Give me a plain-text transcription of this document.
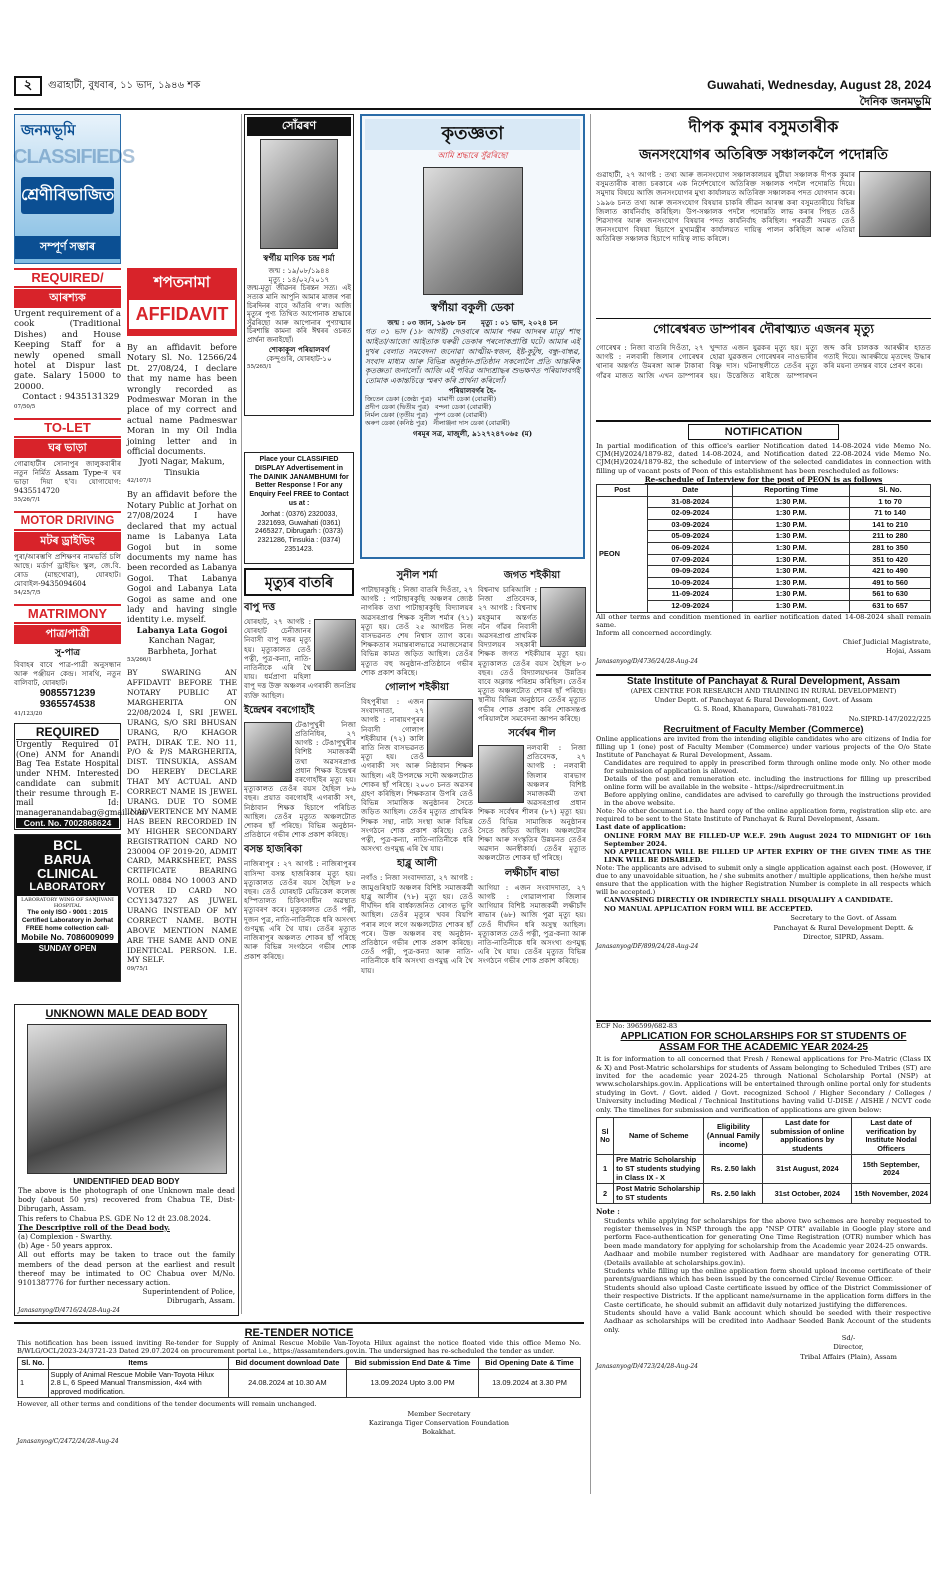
২	গুৱাহাটী, বুধবাৰ, ১১ ভাদ, ১৯৪৬ শক	Guwahati, Wednesday, August 28, 2024
দৈনিক জনমভূমি
জনমভূমি
CLASSIFIEDS
শ্ৰেণীবিভাজিত
সম্পূৰ্ণ সম্ভাৰ
REQUIRED/
আৰশ্যক
Urgent requirement of a cook (Traditional Dishes) and House Keeping Staff for a newly opened small hotel at Dispur last gate. Salary 15000 to 20000.
Contact : 9435131329
07/50/5
TO-LET
ঘৰ ভাড়া
গোৱাহাটীৰ সোনাপুৰ জালুকবাৰীৰ নতুন নিৰ্মিত Assam Type-ৰ ঘৰ ভাড়া দিয়া হ'ব। যোগাযোগ: 9435514720
55/26/7/1
MOTOR DRIVING
মটৰ ড্ৰাইভিং
পুৰা/আৰম্ভণি প্ৰশিক্ষণৰ নামভৰ্তি চলি আছে। মৰ্ডাৰ্ণ ড্ৰাইভিং স্কুল, জে.বি. ৰোড (মাছখোৱা), যোৰহাট। মোবাইল-9435094604
54/25/7/5
MATRIMONY
পাত্ৰ/পাত্ৰী
সু-পাত্ৰ
বিবাহৰ বাবে পাত্ৰ-পাত্ৰী অনুসন্ধান আৰু পঞ্জীয়ন কেন্দ্ৰ। সাৰথি, নতুন বালিবাট, যোৰহাট।
9085571239
9365574538
41/123/20
REQUIRED
Urgently Required 01 (One) ANM for Anandi Bag Tea Estate Hospital under NHM. Interested candidate can submit their resume through E-mail Id: manageranandabag@gmail.com
Cont. No. 7002868624
BCL
BARUA
CLINICAL
LABORATORY
LABORATORY WING OF SANJIVANI HOSPITAL
The only ISO - 9001 : 2015 Certified Laboratory in Jorhat
FREE home collection call-
Mobile No. 7086009099
SUNDAY OPEN
শপতনামা
AFFIDAVIT
By an affidavit before Notary Sl. No. 12566/24 Dt. 27/08/24, I declare that my name has been wrongly recorded as Podmeswar Moran in the place of my correct and actual name Padmeswar Moran in my Oil India joining letter and in official documents.
Jyoti Nagar, Makum, Tinsukia
42/107/1
By an affidavit before the Notary Public at Jorhat on 27/08/2024 I have declared that my actual name is Labanya Lata Gogoi but in some documents my name has been recorded as Labanya Gogoi. That Labanya Gogoi and Labanya Lata Gogoi as same and one lady and having single identity i.e. myself.
Labanya Lata Gogoi
Kanchan Nagar, Barbheta, Jorhat
53/266/1
BY SWARING AN AFFIDAVIT BEFORE THE NOTARY PUBLIC AT MARGHERITA ON 22/08/2024 I, SRI JEWEL URANG, S/O SRI BHUSAN URANG, R/O KHAGOR PATH, DIRAK T.E. NO 11, P/O & P/S MARGHERITA, DIST. TINSUKIA, ASSAM DO HEREBY DECLARE THAT MY ACTUAL AND CORRECT NAME IS JEWEL URANG. DUE TO SOME INADVERTENCE MY NAME HAS BEEN RECORDED IN MY HIGHER SECONDARY REGISTRATION CARD NO 230004 OF 2019-20, ADMIT CARD, MARKSHEET, PASS CRTIFICATE BEARING ROLL 0884 NO 10003 AND VOTER ID CARD NO CCY1347327 AS JUWEL URANG INSTEAD OF MY CORRECT NAME. BOTH ABOVE MENTION NAME ARE THE SAME AND ONE IDENTICAL PERSON. I.E. MY SELF.
09/75/1
UNKNOWN MALE DEAD BODY
UNIDENTIFIED DEAD BODY
The above is the photograph of one Unknown male dead body (about 50 yrs) recovered from Chabua TE, Dist-Dibrugarh, Assam.
This refers to Chabua P.S. GDE No 12 dt 23.08.2024.
The Descriptive roll of the Dead body.
(a) Complexion - Swarthy.
(b) Age - 50 years approx.
All out efforts may be taken to trace out the family members of the dead person at the earliest and result thereof may be intimated to OC Chabua over M/No. 9101387776 for further necessary action.
Superintendent of Police,
Dibrugarh, Assam.
Janasanyog/D/4716/24/28-Aug-24
RE-TENDER NOTICE
This notification has been issued inviting Re-tender for Supply of Animal Rescue Mobile Van-Toyota Hilux against the notice floated vide this office Memo No. B/WLG/OCL/2023-24/3721-23 Dated 29.07.2024 on procurement portal i.e., https://assamtenders.gov.in. The undersigned has re-scheduled the tender as under.
Sl. No.	Items	Bid document download Date	Bid submission End Date & Time	Bid Opening Date & Time
1	Supply of Animal Rescue Mobile Van-Toyota Hilux 2.8 L, 6 Speed Manual Transmission, 4x4 with approved modification.	24.08.2024 at 10.30 AM	13.09.2024 Upto 3.00 PM	13.09.2024 at 3.30 PM
However, all other terms and conditions of the tender documents will remain unchanged.
Member Secretary
Kaziranga Tiger Conservation Foundation
Bokakhat.
Janasanyog/C/2472/24/28-Aug-24
সোঁৱৰণ
স্বৰ্গীয় মাণিক চন্দ্ৰ শৰ্মা
জন্ম : ১৯/০৮/১৯৪৪
মৃত্যু : ১৪/০২/২০১৭
জন্ম-মৃত্যু জীৱনৰ চিৰন্তন সত্য। এই সত্যক মানি আপুনি আমাৰ মাজৰ পৰা চিৰদিনৰ বাবে আঁতৰি গ'ল। আজি মৃত্যুৰ পুণ্য তিথিত আপোনাক শ্ৰদ্ধাৰে সুঁৱৰিছো আৰু আপোনাৰ পুণ্যাত্মাৰ চিৰশান্তি কামনা কৰি ঈশ্বৰৰ ওচৰত প্ৰাৰ্থনা জনাইছোঁ।
শোকাকুল পৰিয়ালবৰ্গ
কেন্দুগুৰি, যোৰহাট-১০
55/265/1
Place your CLASSIFIED DISPLAY Advertisement in The DAINIK JANAMBHUMI for Better Response ! For any Enquiry Feel FREE to Contact us at :
Jorhat : (0376) 2320033, 2321693, Guwahati (0361) 2465327, Dibrugarh : (0373) 2321286, Tinsukia : (0374) 2351423.
কৃতজ্ঞতা
আমি শ্ৰদ্ধাৰে সুঁৱৰিছো
স্বৰ্গীয়া বকুলী ডেকা
জন্ম : ০৩ জান, ১৯৩৮ চন      মৃত্যু : ০১ ভাদ, ২০২৪ চন
গত ০১ ভাদ (১৮ আগষ্ট) দেওবাৰে আমাৰ পৰম আদৰৰ মাতৃ/ শাহু আইতা/আজো আইতাক ঘৰুৱী ডেকাৰ পৰলোকপ্ৰাপ্তি ঘটে। আমাৰ এই দুখৰ বেলাত সমবেদনা জনোৱা আত্মীয়-স্বজন, ইষ্ট-কুটুম্ব, বন্ধু-বান্ধৱ, সংবাদ মাধ্যম আৰু বিভিন্ন অনুষ্ঠান-প্ৰতিষ্ঠান সকলোলৈ প্ৰতি আন্তৰিক কৃতজ্ঞতা জনালোঁ। আজি এই পবিত্ৰ আদ্যশ্ৰাদ্ধৰ শুভক্ষণত পৰিয়ালবৰ্গই তোমাক একান্তচিত্তে স্মৰণ কৰি প্ৰাৰ্থনা কৰিলোঁ।
পৰিয়ালবৰ্গৰ হৈ-
জিতেন ডেকা (জেষ্ঠ্য পুত্ৰ)   মামাণী ডেকা (বোৱাৰী)
প্ৰদীপ ডেকা (দ্বিতীয় পুত্ৰ)   বন্দনা ডেকা (বোৱাৰী)
নিৰ্মল ডেকা (তৃতীয় পুত্ৰ)   পুষ্প ডেকা (বোৱাৰী)
অৰুণ ডেকা (কনিষ্ঠ পুত্ৰ)   নীলাঞ্জনা দাস ডেকা (বোৱাৰী)
গৰমূৰ সত্ৰ, মাজুলী, ৯১২৭২৪৭০৬৫ (ম)
মৃত্যুৰ বাতৰি
বাপু দত্ত
যোৰহাট, ২৭ আগষ্ট : যোৰহাট চেনীজানৰ নিবাসী বাপু দত্তৰ মৃত্যু হয়। মৃত্যুকালত তেওঁ পত্নী, পুত্ৰ-কন্যা, নাতি-নাতিনীকে এৰি থৈ যায়। ধৰ্মপ্ৰাণা মহিলা বাপু দত্ত উক্ত অঞ্চলৰ এগৰাকী জনপ্ৰিয় ব্যক্তি আছিল।
ইন্দ্ৰেশ্বৰ বৰগোহাঁই
টেঙাপুখুৰী নিজা প্ৰতিনিধিৰ, ২৭ আগষ্ট : টেঙাপুখুৰীৰ বিশিষ্ট সমাজকৰ্মী তথা অৱসৰপ্ৰাপ্ত প্ৰধান শিক্ষক ইন্দ্ৰেশ্বৰ বৰগোহাঁইৰ মৃত্যু হয়। মৃত্যুকালত তেওঁৰ বয়স হৈছিল ৮৬ বছৰ। প্ৰয়াত বৰগোহাঁই এগৰাকী সৎ, নিষ্ঠাবান শিক্ষক হিচাপে পৰিচিত আছিল। তেওঁৰ মৃত্যুত অঞ্চলটোত শোকৰ ছাঁ পৰিছে। বিভিন্ন অনুষ্ঠান-প্ৰতিষ্ঠানে গভীৰ শোক প্ৰকাশ কৰিছে।
বসন্ত হাজৰিকা
নাজিৰাপুৰ : ২৭ আগষ্ট : নাজিৰাপুৰৰ বাসিন্দা বসন্ত হাজৰিকাৰ মৃত্যু হয়। মৃত্যুকালত তেওঁৰ বয়স হৈছিল ৮৫ বছৰ। তেওঁ যোৰহাট মেডিকেল কলেজ হস্পিতালত চিকিৎসাধীন অৱস্থাত মৃত্যুবৰণ কৰে। মৃত্যুকালত তেওঁ পত্নী, দুজন পুত্ৰ, নাতি-নাতিনীকে ধৰি অসংখ্য গুণমুগ্ধ এৰি থৈ যায়। তেওঁৰ মৃত্যুত নাজিৰাপুৰ অঞ্চলত শোকৰ ছাঁ পৰিছে আৰু বিভিন্ন সংগঠনে গভীৰ শোক প্ৰকাশ কৰিছে।
সুনীল শৰ্মা
পাটাছাৰকুছি : নিজা বাতৰি দিওঁতা, ২৭ আগষ্ট : পাটাছাৰকুছি অঞ্চলৰ জ্যেষ্ঠ নাগৰিক তথা পাটাছাৰকুছি বিদ্যালয়ৰ অৱসৰপ্ৰাপ্ত শিক্ষক সুনীল শৰ্মাৰ (৭১) মৃত্যু হয়। তেওঁ ২৫ আগষ্টত নিজ বাসভৱনত শেষ নিশ্বাস ত্যাগ কৰে। শিক্ষকতাৰ সমান্তৰালভাৱে সমাজসেৱাৰ বিভিন্ন কামত জড়িত আছিল। তেওঁৰ মৃত্যুত বহু অনুষ্ঠান-প্ৰতিষ্ঠানে গভীৰ শোক প্ৰকাশ কৰিছে।
গোলাপ শইকীয়া
বিহপুৰীয়া : এজন সংবাদদাতা, ২৭ আগষ্ট : নাৰায়ণপুৰৰ নিবাসী গোলাপ শইকীয়াৰ (৭২) কালি ৰাতি নিজ বাসভৱনত মৃত্যু হয়। তেওঁ এগৰাকী সৎ আৰু নিষ্ঠাবান শিক্ষক আছিল। এই উপলক্ষে সদৌ অঞ্চলটোত শোকৰ ছাঁ পৰিছে। ২০০৩ চনত অৱসৰ গ্ৰহণ কৰিছিল। শিক্ষকতাৰ উপৰি তেওঁ বিভিন্ন সামাজিক অনুষ্ঠানৰ সৈতে জড়িত আছিল। তেওঁৰ মৃত্যুত প্ৰাথমিক শিক্ষক সন্থা, নাট্য সংস্থা আৰু বিভিন্ন সংগঠনে শোক প্ৰকাশ কৰিছে। তেওঁ পত্নী, পুত্ৰ-কন্যা, নাতি-নাতিনীকে ধৰি অসংখ্য গুণমুগ্ধ এৰি থৈ যায়।
হাব্লু আলী
নগাঁও : নিজা সংবাদদাতা, ২৭ আগষ্ট : জামুগুৰিহাট অঞ্চলৰ বিশিষ্ট সমাজকৰ্মী হাব্লু আলীৰ (৭৮) মৃত্যু হয়। তেওঁ দীৰ্ঘদিন ধৰি বাৰ্ধক্যজনিত ৰোগত ভুগি আছিল। তেওঁৰ মৃত্যুৰ খবৰ বিয়পি পৰাৰ লগে লগে অঞ্চলটোত শোকৰ ছাঁ পৰে। উক্ত অঞ্চলৰ বহু অনুষ্ঠান-প্ৰতিষ্ঠানে গভীৰ শোক প্ৰকাশ কৰিছে। তেওঁ পত্নী, পুত্ৰ-কন্যা আৰু নাতি-নাতিনীকে ধৰি অসংখ্য গুণমুগ্ধ এৰি থৈ যায়।
জগত শইকীয়া
বিশ্বনাথ চাৰিআলি : নিজা প্ৰতিবেদক, ২৭ আগষ্ট : বিশ্বনাথ মহকুমাৰ অন্তৰ্গত ননৈ গাঁৱৰ নিবাসী অৱসৰপ্ৰাপ্ত প্ৰাথমিক বিদ্যালয়ৰ সহকাৰী শিক্ষক জগত শইকীয়াৰ মৃত্যু হয়। মৃত্যুকালত তেওঁৰ বয়স হৈছিল ৮৩ বছৰ। তেওঁ বিদ্যালয়খনৰ উন্নতিৰ বাবে অক্লান্ত পৰিশ্ৰম কৰিছিল। তেওঁৰ মৃত্যুত অঞ্চলটোত শোকৰ ছাঁ পৰিছে। স্থানীয় বিভিন্ন অনুষ্ঠানে তেওঁৰ মৃত্যুত গভীৰ শোক প্ৰকাশ কৰি শোকসন্তপ্ত পৰিয়াললৈ সমবেদনা জ্ঞাপন কৰিছে।
সৰ্বেশ্বৰ শীল
নলবাৰী : নিজা প্ৰতিবেদক, ২৭ আগষ্ট : নলবাৰী জিলাৰ বাৰভাগ অঞ্চলৰ বিশিষ্ট সমাজকৰ্মী তথা অৱসৰপ্ৰাপ্ত প্ৰধান শিক্ষক সৰ্বেশ্বৰ শীলৰ (৮৭) মৃত্যু হয়। তেওঁ বিভিন্ন সামাজিক অনুষ্ঠানৰ সৈতে জড়িত আছিল। অঞ্চলটোৰ শিক্ষা আৰু সংস্কৃতিৰ উন্নয়নত তেওঁৰ অৱদান অনস্বীকাৰ্য। তেওঁৰ মৃত্যুত অঞ্চলটোত শোকৰ ছাঁ পৰিছে।
লক্ষীচাঁদ ৰাভা
আগিয়া : এজন সংবাদদাতা, ২৭ আগষ্ট : গোৱালপাৰা জিলাৰ আগিয়াৰ বিশিষ্ট সমাজকৰ্মী লক্ষীচাঁদ ৰাভাৰ (৬৮) আজি পুৱা মৃত্যু হয়। তেওঁ দীৰ্ঘদিন ধৰি অসুস্থ আছিল। মৃত্যুকালত তেওঁ পত্নী, পুত্ৰ-কন্যা আৰু নাতি-নাতিনীকে ধৰি অসংখ্য গুণমুগ্ধ এৰি থৈ যায়। তেওঁৰ মৃত্যুত বিভিন্ন সংগঠনে গভীৰ শোক প্ৰকাশ কৰিছে।
দীপক কুমাৰ বসুমতাৰীক
জনসংযোগৰ অতিৰিক্ত সঞ্চালকলৈ পদোন্নতি
গুৱাহাটী, ২৭ আগষ্ট : তথ্য আৰু জনসংযোগ সঞ্চালকালয়ৰ যুটীয়া সঞ্চালক দীপক কুমাৰ বসুমতাৰীক ৰাজ্য চৰকাৰে এক নিৰ্দেশযোগে অতিৰিক্ত সঞ্চালক পদলৈ পদোন্নতি দিয়ে। সমুদায় বিষয়ে আজি জনসংযোগৰ মুখ্য কাৰ্যালয়ত অতিৰিক্ত সঞ্চালকৰ পদত যোগদান কৰে। ১৯৯৬ চনত তথ্য আৰু জনসংযোগ বিষয়াৰ চাকৰি জীৱন আৰম্ভ কৰা বসুমতাৰীয়ে বিভিন্ন জিলাত কাৰ্যনিৰ্বাহ কৰিছিল। উপ-সঞ্চালক পদলৈ পদোন্নতি লাভ কৰাৰ পিছত তেওঁ শিৱসাগৰ আৰু জনসংযোগ বিষয়াৰ পদত কাৰ্যনিৰ্বাহ কৰিছিল। পৰৱৰ্তী সময়ত তেওঁ জনসংযোগ বিষয়া হিচাপে মুখ্যমন্ত্ৰীৰ কাৰ্যালয়ত দায়িত্ব পালন কৰিছিল আৰু এতিয়া অতিৰিক্ত সঞ্চালক হিচাপে দায়িত্ব লাভ কৰিলে।
গোৰেশ্বৰত ডাম্পাৰৰ দৌৰাত্ম্যত এজনৰ মৃত্যু
গোৰেশ্বৰ : নিজা বাতৰি দিওঁতা, ২৭ আগষ্ট : নলবাৰী জিলাৰ গোৰেশ্বৰ থানাৰ অন্তৰ্গত উমৰঙ্গা আৰু টাকাৰা গাঁৱৰ মাজত আজি এখন ডাম্পাৰৰ খুন্দাত এজন যুৱকৰ মৃত্যু হয়। মৃত্যু হোৱা যুৱকজন গোৰেশ্বৰৰ নাওভাৰীৰ বিষ্ণু দাস। ঘটনাস্থলীতে তেওঁৰ মৃত্যু হয়। উত্তেজিত ৰাইজে ডাম্পাৰখন জব্দ কৰি চালকক আৰক্ষীৰ হাতত গতাই দিয়ে। আৰক্ষীয়ে মৃতদেহ উদ্ধাৰ কৰি ময়না তদন্তৰ বাবে প্ৰেৰণ কৰে।
NOTIFICATION
In partial modification of this office's earlier Notification dated 14-08-2024 vide Memo No. CJM(H)/2024/1879-82, dated 14-08-2024, and Notification dated 22-08-2024 vide Memo No. CJM(H)/2024/1879-82, the schedule of interview of the selected candidates in connection with filling up of vacant posts of Peon of this establishment has been rescheduled as follows:
Re-schedule of Interview for the post of PEON is as follows
Post	Date	Reporting Time	Sl. No.
PEON	31-08-2024	1:30 P.M.	1 to 70
	02-09-2024	1:30 P.M.	71 to 140
	03-09-2024	1:30 P.M.	141 to 210
	05-09-2024	1:30 P.M.	211 to 280
	06-09-2024	1:30 P.M.	281 to 350
	07-09-2024	1:30 P.M.	351 to 420
	09-09-2024	1:30 P.M.	421 to 490
	10-09-2024	1:30 P.M.	491 to 560
	11-09-2024	1:30 P.M.	561 to 630
	12-09-2024	1:30 P.M.	631 to 657
All other terms and condition mentioned in earlier notification dated 14-08-2024 shall remain same.
Inform all concerned accordingly.
Chief Judicial Magistrate,
Hojai, Assam
Janasanyog/D/4736/24/28-Aug-24
State Institute of Panchayat & Rural Development, Assam
(APEX CENTRE FOR RESEARCH AND TRAINING IN RURAL DEVELOPMENT)
Under Deptt. of Panchayat & Rural Development, Govt. of Assam
G. S. Road, Khanapara, Guwahati-781022
No.SIPRD-147/2022/225
Recruitment of Faculty Member (Commerce)
Online applications are invited from the intending eligible candidates who are citizens of India for filling up 1 (one) post of Faculty Member (Commerce) under various projects of the O/o State Institute of Panchayat & Rural Development, Assam.
Candidates are required to apply in prescribed form through online mode only. No other mode for submission of application is allowed.
Details of the post and remuneration etc. including the instructions for filling up prescribed online form will be available in the website - https://siprdrecruitment.in
Before applying online, candidates are advised to carefully go through the instructions provided in the above website.
Note: No other document i.e. the hard copy of the online application form, registration slip etc. are required to be sent to the State Institute of Panchayat & Rural Development, Assam.
Last date of application:
ONLINE FORM MAY BE FILLED-UP W.E.F. 29th August 2024 TO MIDNIGHT OF 16th September 2024.
NO APPLICATION WILL BE FILLED UP AFTER EXPIRY OF THE GIVEN TIME AS THE LINK WILL BE DISABLED.
Note: The applicants are advised to submit only a single application against each post. (However, if due to any unavoidable situation, he / she submits another / multiple applications, then he/she must ensure that the application with the higher Registration Number is complete in all respects which will be accepted.)
CANVASSING DIRECTLY OR INDIRECTLY SHALL DISQUALIFY A CANDIDATE.
NO MANUAL APPLICATION FORM WILL BE ACCEPTED.
Secretary to the Govt. of Assam
Panchayat & Rural Development Deptt. &
Director, SIPRD, Assam.
Janasanyog/DF/899/24/28-Aug-24
ECF No: 396599/682-83
APPLICATION FOR SCHOLARSHIPS FOR ST STUDENTS OF
ASSAM FOR THE ACADEMIC YEAR 2024-25
It is for information to all concerned that Fresh / Renewal applications for Pre-Matric (Class IX & X) and Post-Matric scholarships for students of Assam belonging to Scheduled Tribes (ST) are invited for the academic year 2024-25 through National Scholarship Portal (NSP) at www.scholarships.gov.in. Applications will be entertained through online portal only for students studying in Govt. / Govt. aided / Govt. recognized School / Higher Secondary / Colleges / University including Medical / Technical Institutions having valid U-DISE / AISHE / NCVT code only. The timelines for submission and verification of applications are given below:
Sl No	Name of Scheme	Eligibility (Annual Family income)	Last date for submission of online applications by students	Last date of verification by Institute Nodal Officers
1	Pre Matric Scholarship to ST students studying in Class IX - X	Rs. 2.50 lakh	31st August, 2024	15th September, 2024
2	Post Matric Scholarship to ST students	Rs. 2.50 lakh	31st October, 2024	15th November, 2024
Note :
Students while applying for scholarships for the above two schemes are hereby requested to register themselves in NSP through the app "NSP OTR" available in Google play store and perform Face-authentication for generating One Time Registration (OTR) number which has been made mandatory for applying for scholarship from the Academic year 2024-25 onwards.
Aadhaar and mobile number registered with Aadhaar are mandatory for generating OTR. (Details available at scholarships.gov.in).
Students while filling up the online application form should upload income certificate of their parents/guardians which has been issued by the concerned Circle/ Revenue Officer.
Students should also upload Caste certificate issued by office of the District Commissioner of their respective Districts. If the applicant name/surname in the application form differs in the Caste certificate, he should submit an affidavit duly notarized justifying the differences.
Students should have a valid Bank account which should be seeded with their respective Aadhaar as scholarships will be credited into Aadhaar Seeded Bank Account of the students only.
Sd/-
Director,
Tribal Affairs (Plain), Assam
Janasanyog/D/4723/24/28-Aug-24
